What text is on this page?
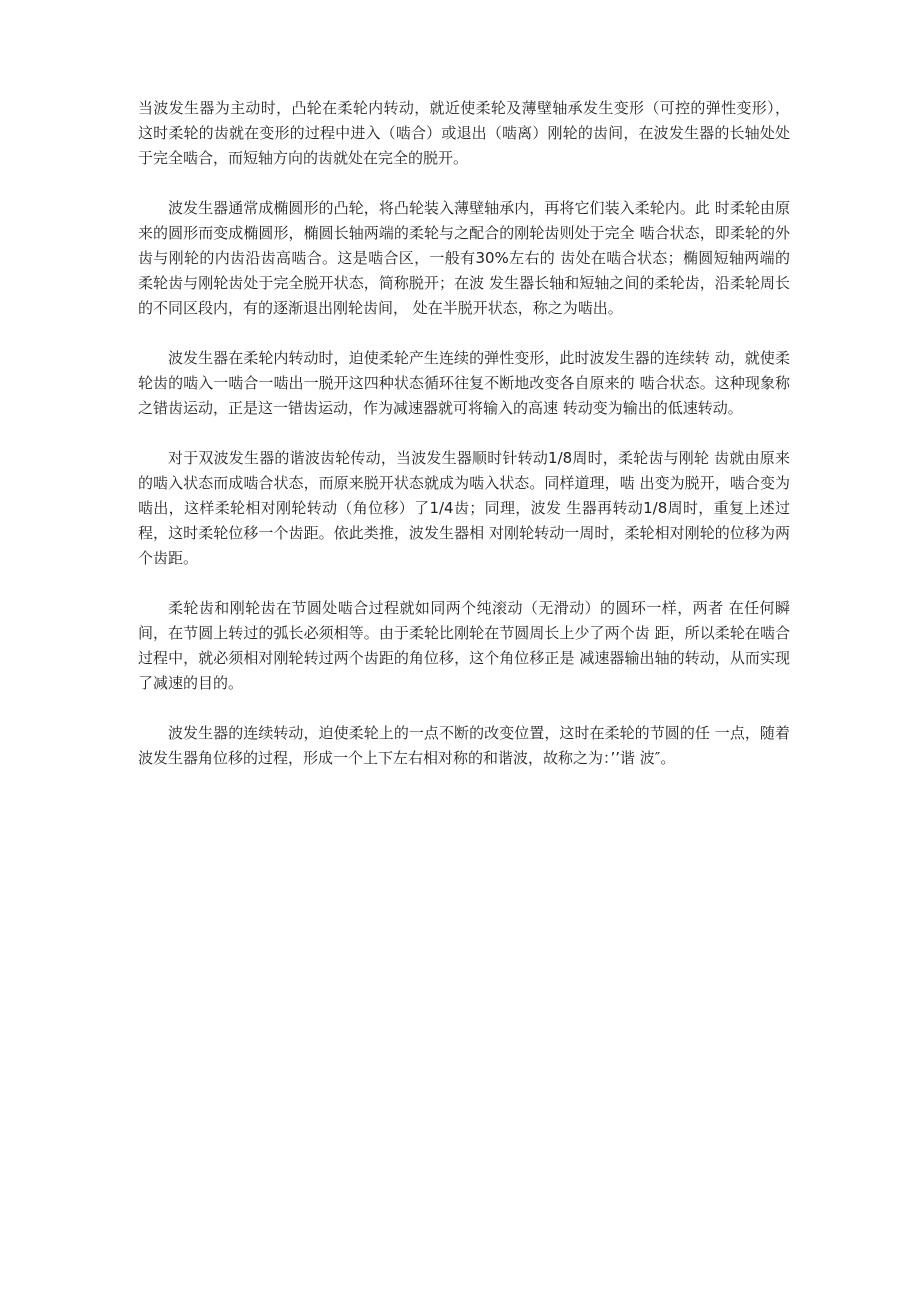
当波发生器为主动时，凸轮在柔轮内转动，就近使柔轮及薄壁轴承发生变形（可控的弹性变形），这时柔轮的齿就在变形的过程中进入（啮合）或退出（啮离）刚轮的齿间，在波发生器的长轴处处于完全啮合，而短轴方向的齿就处在完全的脱开。

波发生器通常成椭圆形的凸轮，将凸轮装入薄壁轴承内，再将它们装入柔轮内。此 时柔轮由原来的圆形而变成椭圆形，椭圆长轴两端的柔轮与之配合的刚轮齿则处于完全 啮合状态，即柔轮的外齿与刚轮的内齿沿齿高啮合。这是啮合区，一般有30%左右的 齿处在啮合状态；椭圆短轴两端的柔轮齿与刚轮齿处于完全脱开状态，简称脱开；在波 发生器长轴和短轴之间的柔轮齿，沿柔轮周长的不同区段内，有的逐渐退出刚轮齿间， 处在半脱开状态，称之为啮出。

波发生器在柔轮内转动时，迫使柔轮产生连续的弹性变形，此时波发生器的连续转 动，就使柔轮齿的啮入一啮合一啮出一脱开这四种状态循环往复不断地改变各自原来的 啮合状态。这种现象称之错齿运动，正是这一错齿运动，作为减速器就可将输入的高速 转动变为输出的低速转动。

对于双波发生器的谐波齿轮传动，当波发生器顺时针转动1/8周时，柔轮齿与刚轮 齿就由原来的啮入状态而成啮合状态，而原来脱开状态就成为啮入状态。同样道理，啮 出变为脱开，啮合变为啮出，这样柔轮相对刚轮转动（角位移）了1/4齿；同理，波发 生器再转动1/8周时，重复上述过程，这时柔轮位移一个齿距。依此类推，波发生器相 对刚轮转动一周时，柔轮相对刚轮的位移为两个齿距。

柔轮齿和刚轮齿在节圆处啮合过程就如同两个纯滚动（无滑动）的圆环一样，两者 在任何瞬间，在节圆上转过的弧长必须相等。由于柔轮比刚轮在节圆周长上少了两个齿 距，所以柔轮在啮合过程中，就必须相对刚轮转过两个齿距的角位移，这个角位移正是 减速器输出轴的转动，从而实现了减速的目的。

波发生器的连续转动，迫使柔轮上的一点不断的改变位置，这时在柔轮的节圆的任 一点，随着波发生器角位移的过程，形成一个上下左右相对称的和谐波，故称之为：’’谐 波″。
